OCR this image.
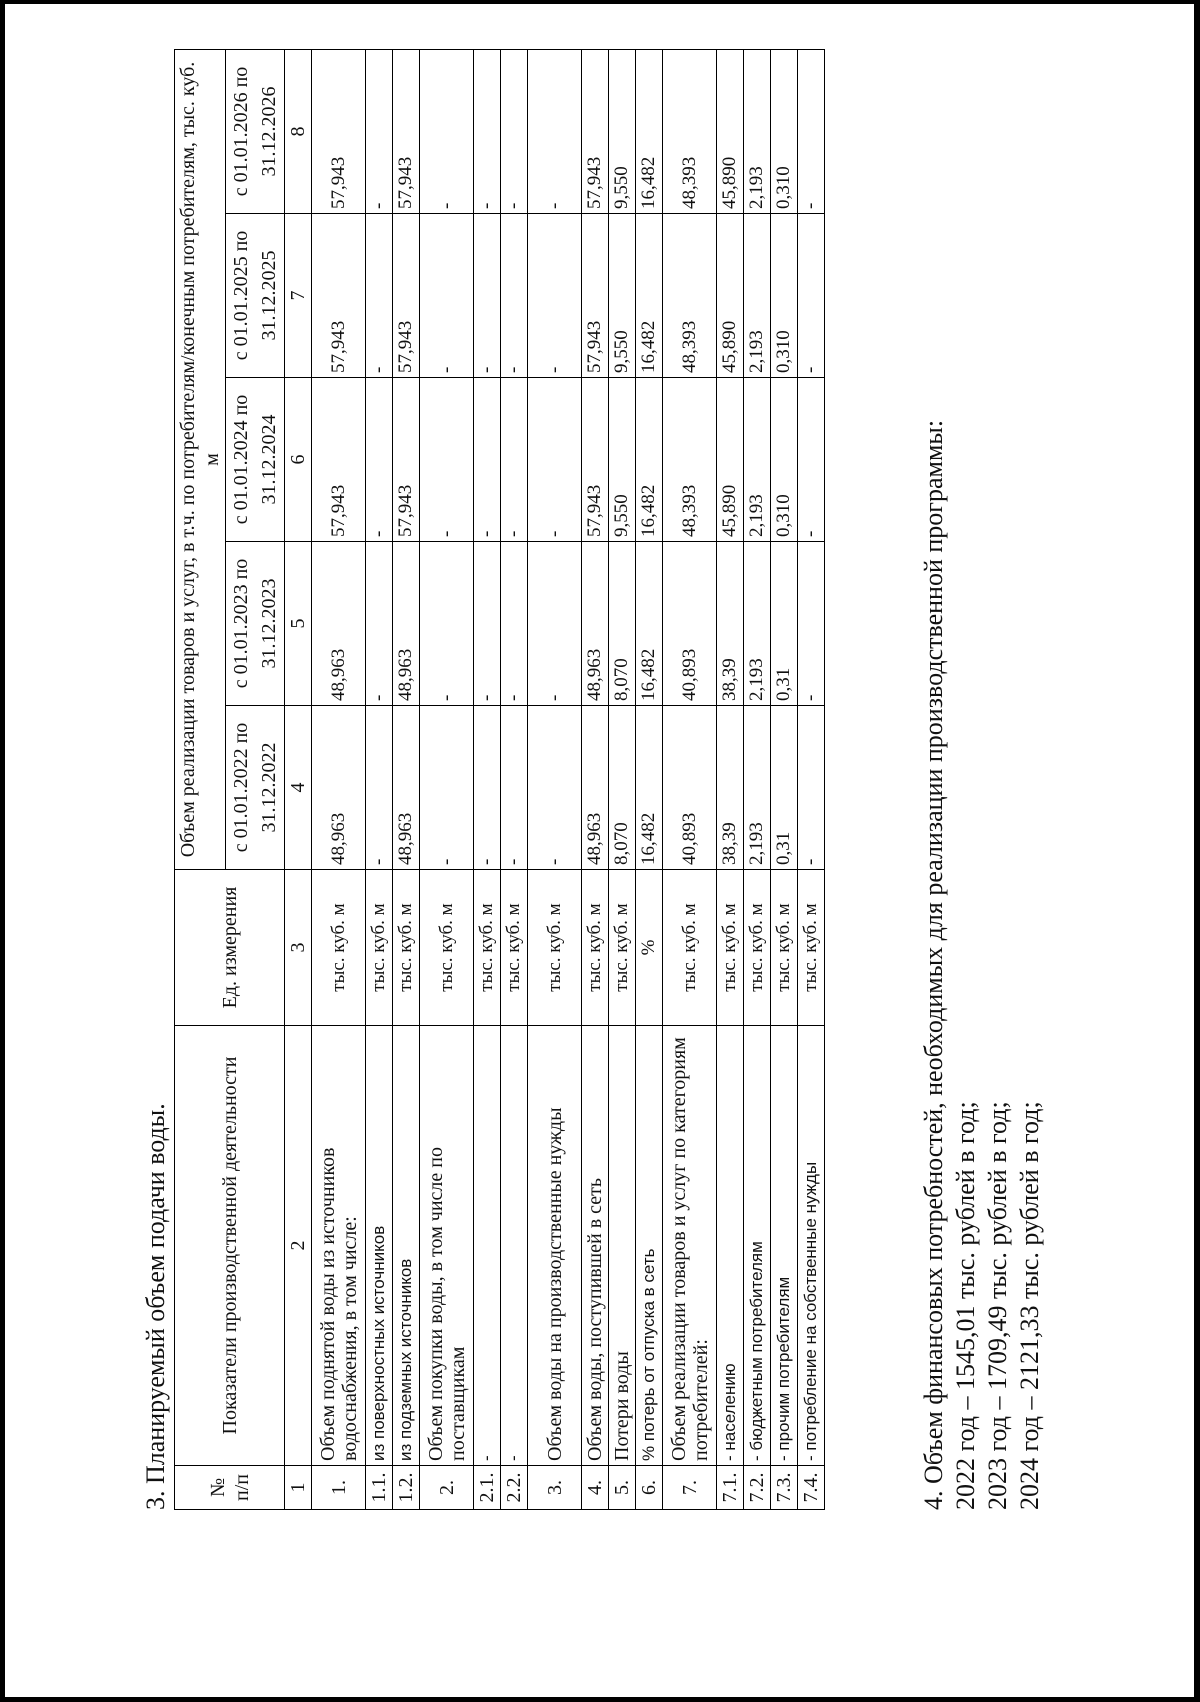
3. Планируемый объем подачи воды. № п/п	Показатели производственной деятельности	Ед. измерения	Объем реализации товаров и услуг, в т.ч. по потребителям/конечным потребителям, тыс. куб. м				
			с 01.01.2022 по 31.12.2022	с 01.01.2023 по 31.12.2023	с 01.01.2024 по 31.12.2024	с 01.01.2025 по 31.12.2025	с 01.01.2026 по 31.12.2026
1	2	3	4	5	6	7	8
1.	Объем поднятой воды из источников водоснабжения, в том числе:	тыс. куб. м	48,963	48,963	57,943	57,943	57,943
1.1.	из поверхностных источников	тыс. куб. м	-	-	-	-	-
1.2.	из подземных источников	тыс. куб. м	48,963	48,963	57,943	57,943	57,943
2.	Объем покупки воды, в том числе по поставщикам	тыс. куб. м	-	-	-	-	-
2.1.	-	тыс. куб. м	-	-	-	-	-
2.2.	-	тыс. куб. м	-	-	-	-	-
3.	Объем воды на производственные нужды	тыс. куб. м	-	-	-	-	-
4.	Объем воды, поступившей в сеть	тыс. куб. м	48,963	48,963	57,943	57,943	57,943
5.	Потери воды	тыс. куб. м	8,070	8,070	9,550	9,550	9,550
6.	% потерь от отпуска в сеть	%	16,482	16,482	16,482	16,482	16,482
7.	Объем реализации товаров и услуг по категориям потребителей:	тыс. куб. м	40,893	40,893	48,393	48,393	48,393
7.1.	- населению	тыс. куб. м	38,39	38,39	45,890	45,890	45,890
7.2.	- бюджетным потребителям	тыс. куб. м	2,193	2,193	2,193	2,193	2,193
7.3.	- прочим потребителям	тыс. куб. м	0,31	0,31	0,310	0,310	0,310
7.4.	- потребление на собственные нужды	тыс. куб. м	-	-	-	-	-
4. Объем финансовых потребностей, необходимых для реализации производственной программы: 2022 год – 1545,01 тыс. рублей в год; 2023 год – 1709,49 тыс. рублей в год; 2024 год – 2121,33 тыс. рублей в год;
